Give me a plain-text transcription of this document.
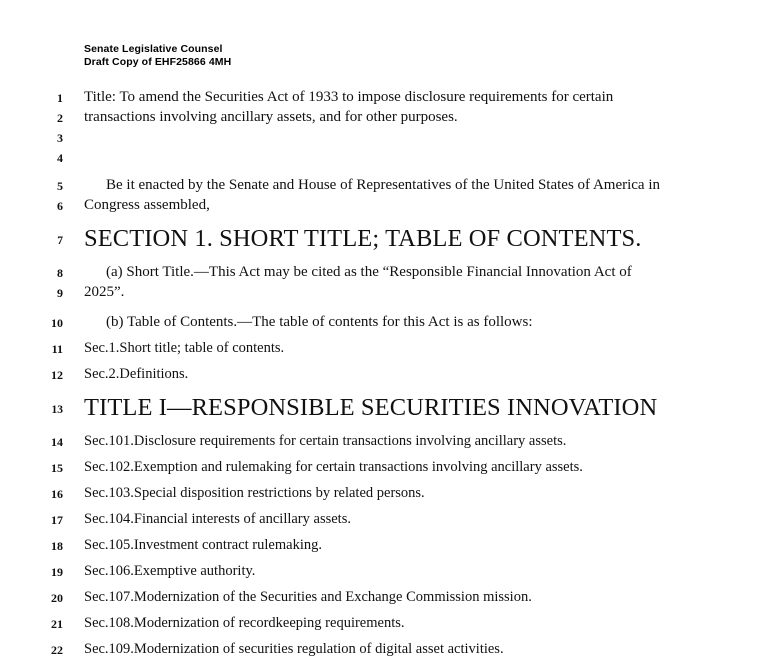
Senate Legislative Counsel
Draft Copy of EHF25866 4MH
1	Title: To amend the Securities Act of 1933 to impose disclosure requirements for certain
2	transactions involving ancillary assets, and for other purposes.
3
4
5	Be it enacted by the Senate and House of Representatives of the United States of America in
6	Congress assembled,
7 SECTION 1. SHORT TITLE; TABLE OF CONTENTS.
8	(a) Short Title.—This Act may be cited as the “Responsible Financial Innovation Act of
9	2025”.
10	(b) Table of Contents.—The table of contents for this Act is as follows:
11	Sec.1.Short title; table of contents.
12	Sec.2.Definitions.
13 TITLE I—RESPONSIBLE SECURITIES INNOVATION
14	Sec.101.Disclosure requirements for certain transactions involving ancillary assets.
15	Sec.102.Exemption and rulemaking for certain transactions involving ancillary assets.
16	Sec.103.Special disposition restrictions by related persons.
17	Sec.104.Financial interests of ancillary assets.
18	Sec.105.Investment contract rulemaking.
19	Sec.106.Exemptive authority.
20	Sec.107.Modernization of the Securities and Exchange Commission mission.
21	Sec.108.Modernization of recordkeeping requirements.
22	Sec.109.Modernization of securities regulation of digital asset activities.
